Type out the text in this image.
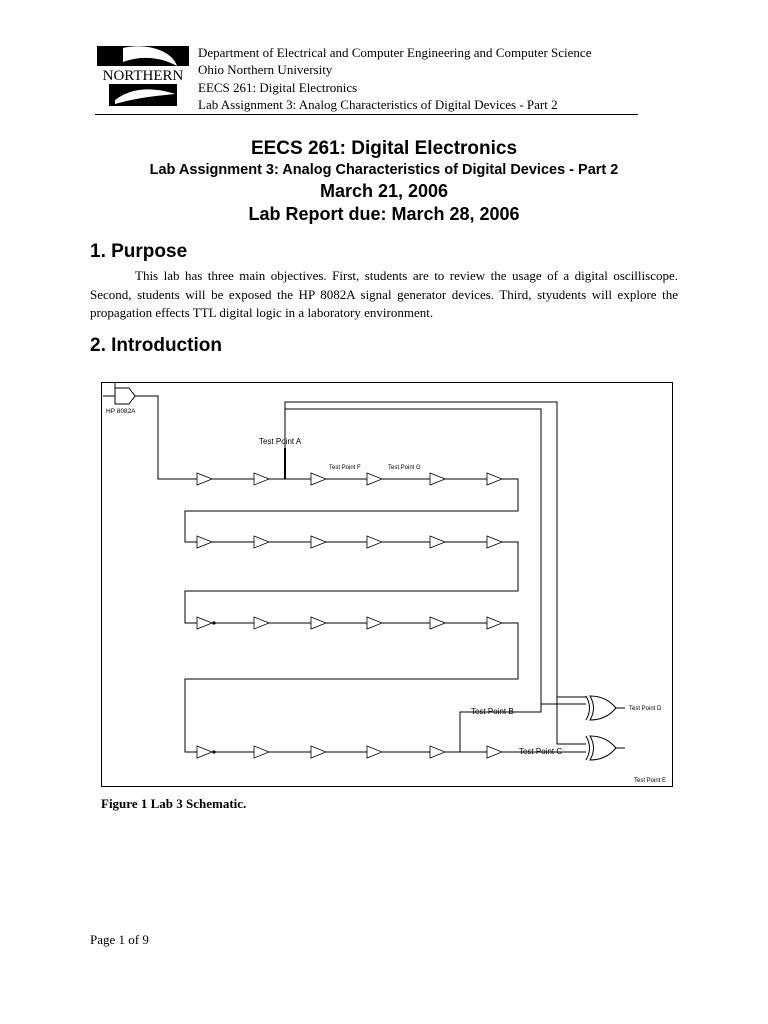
NORTHERN
Department of Electrical and Computer Engineering and Computer Science
Ohio Northern University
EECS 261: Digital Electronics
Lab Assignment 3: Analog Characteristics of Digital Devices - Part 2
EECS 261: Digital Electronics
Lab Assignment 3: Analog Characteristics of Digital Devices - Part 2
March 21, 2006
Lab Report due: March 28, 2006
1. Purpose
This lab has three main objectives. First, students are to review the usage of a digital oscilliscope. Second, students will be exposed the HP 8082A signal generator devices. Third, styudents will explore the propagation effects TTL digital logic in a laboratory environment.
2. Introduction
HP 8082A
Test Point A
Test Point F	Test Point G
Test Point B
Test Point C
Test Point D
Test Point E
Figure 1 Lab 3 Schematic.
Page 1 of 9
